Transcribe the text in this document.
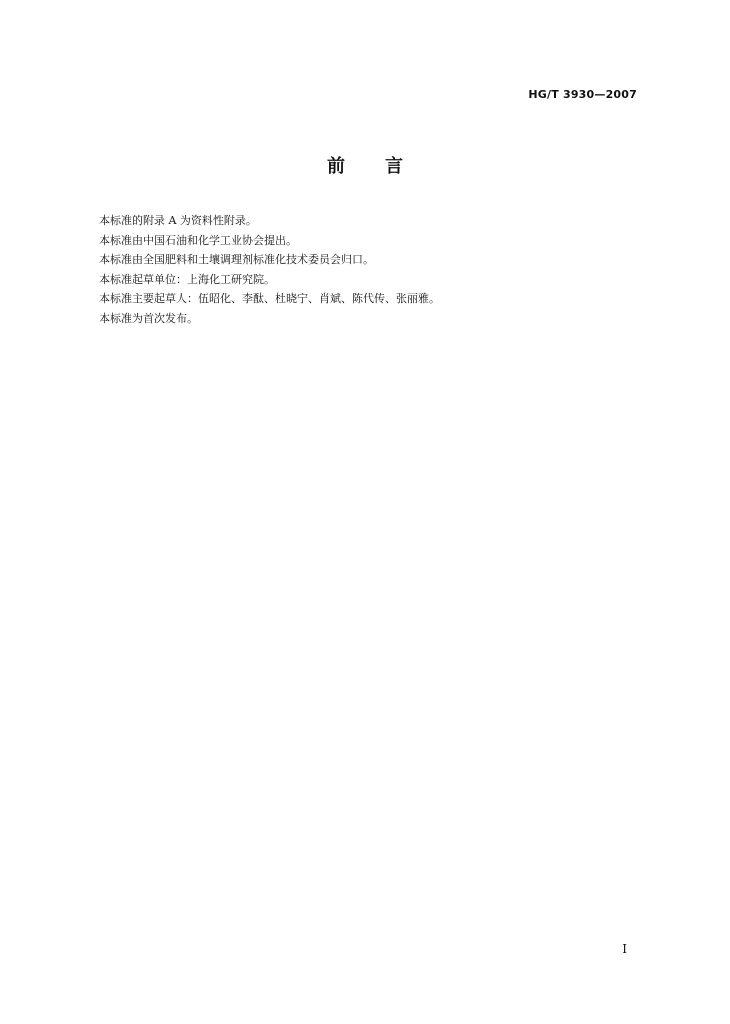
HG/T 3930—2007
前 言
本标准的附录 A 为资料性附录。
本标准由中国石油和化学工业协会提出。
本标准由全国肥料和土壤调理剂标准化技术委员会归口。
本标准起草单位：上海化工研究院。
本标准主要起草人：伍昭化、李酞、杜晓宁、肖斌、陈代传、张丽雅。
本标准为首次发布。
I
